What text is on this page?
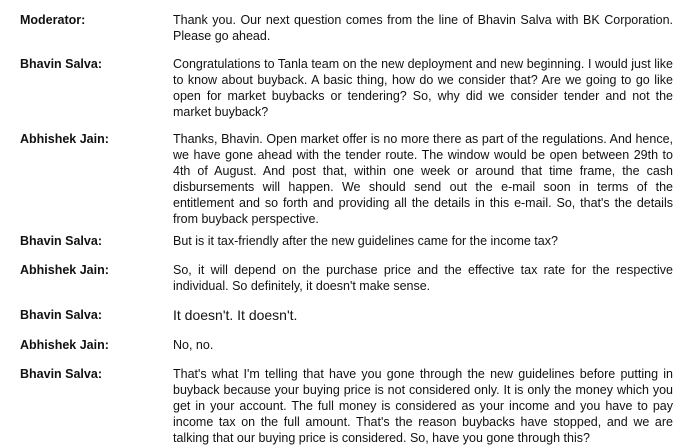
Moderator:	Thank you. Our next question comes from the line of Bhavin Salva with BK Corporation. Please go ahead.
Bhavin Salva:	Congratulations to Tanla team on the new deployment and new beginning. I would just like to know about buyback. A basic thing, how do we consider that? Are we going to go like open for market buybacks or tendering? So, why did we consider tender and not the market buyback?
Abhishek Jain:	Thanks, Bhavin. Open market offer is no more there as part of the regulations. And hence, we have gone ahead with the tender route. The window would be open between 29th to 4th of August. And post that, within one week or around that time frame, the cash disbursements will happen. We should send out the e-mail soon in terms of the entitlement and so forth and providing all the details in this e-mail. So, that's the details from buyback perspective.
Bhavin Salva:	But is it tax-friendly after the new guidelines came for the income tax?
Abhishek Jain:	So, it will depend on the purchase price and the effective tax rate for the respective individual. So definitely, it doesn't make sense.
Bhavin Salva:	It doesn't. It doesn't.
Abhishek Jain:	No, no.
Bhavin Salva:	That's what I'm telling that have you gone through the new guidelines before putting in buyback because your buying price is not considered only. It is only the money which you get in your account. The full money is considered as your income and you have to pay income tax on the full amount. That's the reason buybacks have stopped, and we are talking that our buying price is considered. So, have you gone through this?
